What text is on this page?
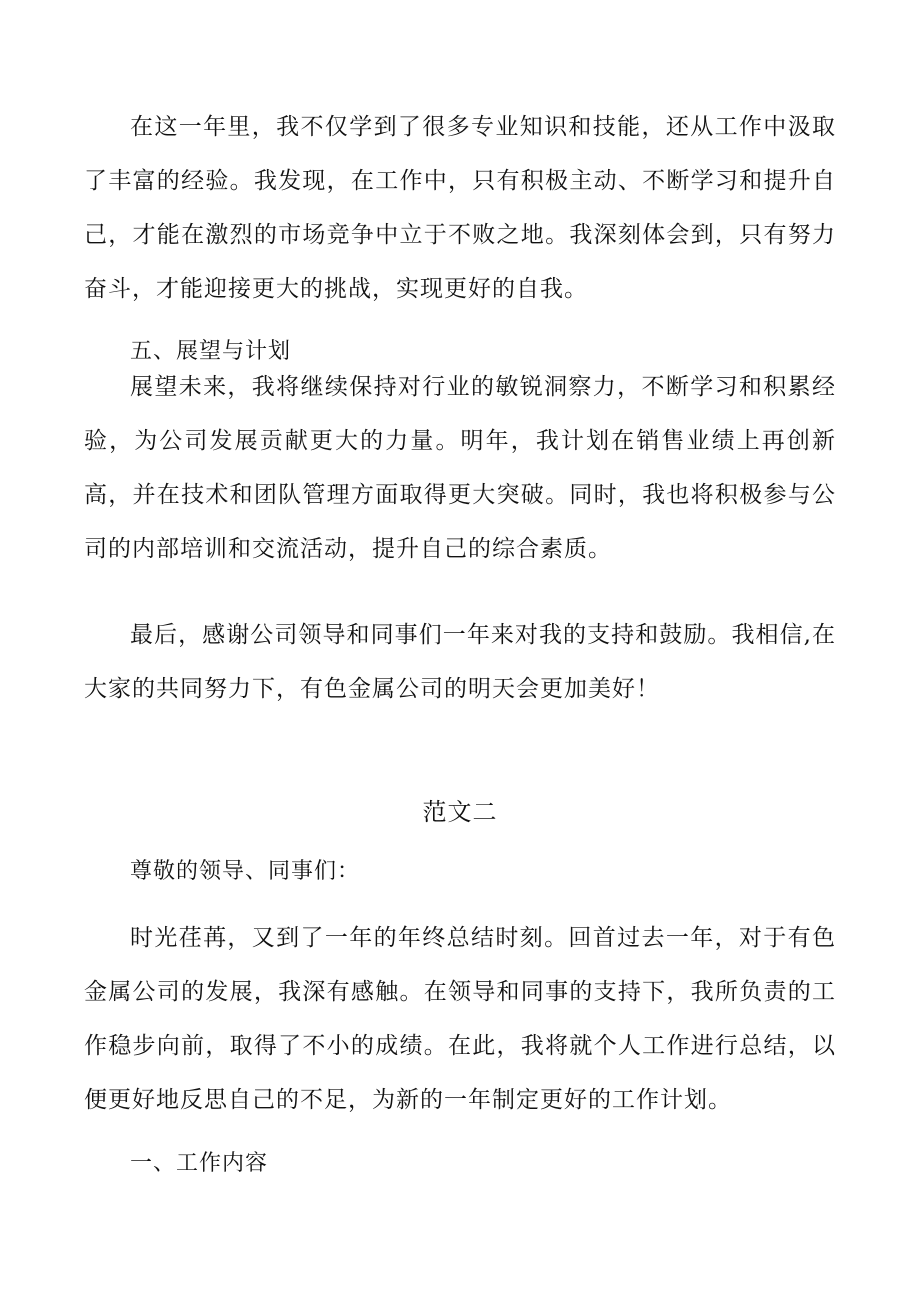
在这一年里，我不仅学到了很多专业知识和技能，还从工作中汲取了丰富的经验。我发现，在工作中，只有积极主动、不断学习和提升自己，才能在激烈的市场竞争中立于不败之地。我深刻体会到，只有努力奋斗，才能迎接更大的挑战，实现更好的自我。

五、展望与计划

展望未来，我将继续保持对行业的敏锐洞察力，不断学习和积累经验，为公司发展贡献更大的力量。明年，我计划在销售业绩上再创新高，并在技术和团队管理方面取得更大突破。同时，我也将积极参与公司的内部培训和交流活动，提升自己的综合素质。

最后，感谢公司领导和同事们一年来对我的支持和鼓励。我相信,在大家的共同努力下，有色金属公司的明天会更加美好！

范文二

尊敬的领导、同事们：

时光荏苒，又到了一年的年终总结时刻。回首过去一年，对于有色金属公司的发展，我深有感触。在领导和同事的支持下，我所负责的工作稳步向前，取得了不小的成绩。在此，我将就个人工作进行总结，以便更好地反思自己的不足，为新的一年制定更好的工作计划。

一、工作内容
